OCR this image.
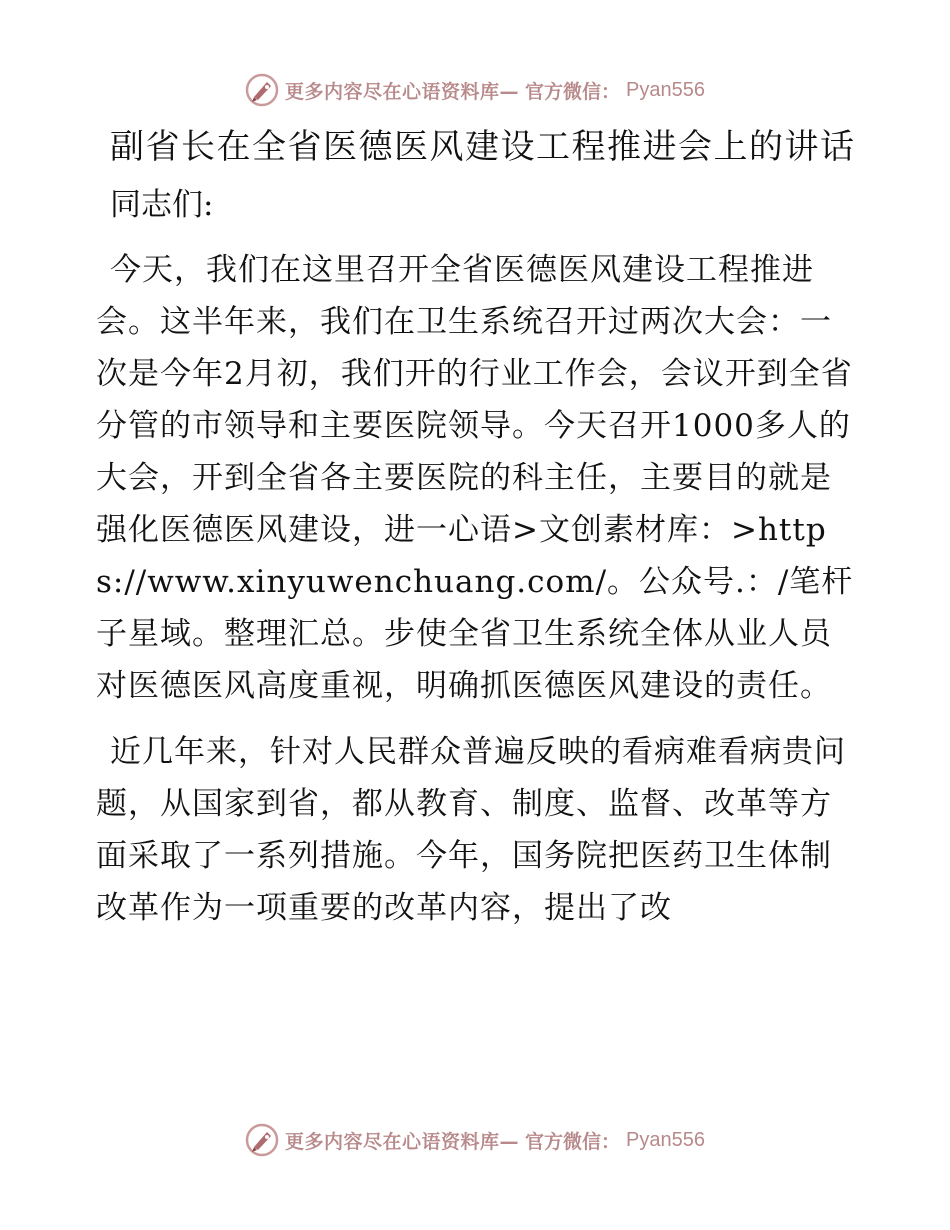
更多内容尽在心语资料库— 官方微信： Pyan556
副省长在全省医德医风建设工程推进会上的讲话
同志们:

今天，我们在这里召开全省医德医风建设工程推进会。这半年来，我们在卫生系统召开过两次大会：一次是今年2月初，我们开的行业工作会，会议开到全省分管的市领导和主要医院领导。今天召开1000多人的大会，开到全省各主要医院的科主任，主要目的就是强化医德医风建设，进一心语>文创素材库：>https://www.xinyuwenchuang.com/。公众号.：/笔杆子星域。整理汇总。步使全省卫生系统全体从业人员对医德医风高度重视，明确抓医德医风建设的责任。

近几年来，针对人民群众普遍反映的看病难看病贵问题，从国家到省，都从教育、制度、监督、改革等方面采取了一系列措施。今年，国务院把医药卫生体制改革作为一项重要的改革内容，提出了改

更多内容尽在心语资料库— 官方微信： Pyan556
